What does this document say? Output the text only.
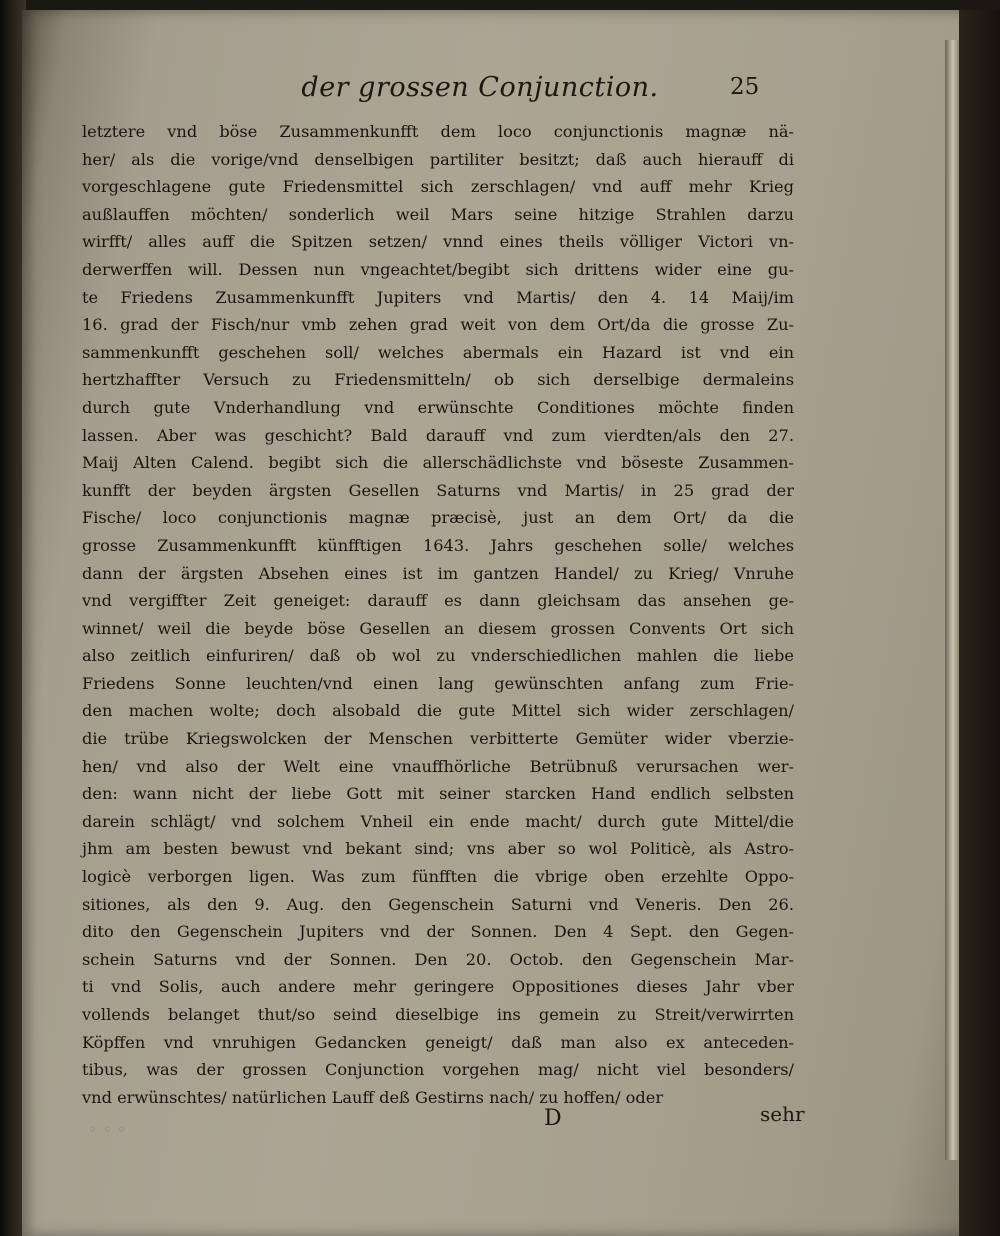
der grossen Conjunction.	25
letztere vnd böse Zusammenkunfft dem loco conjunctionis magnæ nä-
her/ als die vorige/vnd denselbigen partiliter besitzt; daß auch hierauff di
vorgeschlagene gute Friedensmittel sich zerschlagen/ vnd auff mehr Krieg
außlauffen möchten/ sonderlich weil Mars seine hitzige Strahlen darzu
wirfft/ alles auff die Spitzen setzen/ vnnd eines theils völliger Victori vn-
derwerffen will. Dessen nun vngeachtet/begibt sich drittens wider eine gu-
te Friedens Zusammenkunfft Jupiters vnd Martis/ den 4. 14 Maij/im
16. grad der Fisch/nur vmb zehen grad weit von dem Ort/da die grosse Zu-
sammenkunfft geschehen soll/ welches abermals ein Hazard ist vnd ein
hertzhaffter Versuch zu Friedensmitteln/ ob sich derselbige dermaleins
durch gute Vnderhandlung vnd erwünschte Conditiones möchte finden
lassen. Aber was geschicht? Bald darauff vnd zum vierdten/als den 27.
Maij Alten Calend. begibt sich die allerschädlichste vnd böseste Zusammen-
kunfft der beyden ärgsten Gesellen Saturns vnd Martis/ in 25 grad der
Fische/ loco conjunctionis magnæ præcisè, just an dem Ort/ da die
grosse Zusammenkunfft künfftigen 1643. Jahrs geschehen solle/ welches
dann der ärgsten Absehen eines ist im gantzen Handel/ zu Krieg/ Vnruhe
vnd vergiffter Zeit geneiget: darauff es dann gleichsam das ansehen ge-
winnet/ weil die beyde böse Gesellen an diesem grossen Convents Ort sich
also zeitlich einfuriren/ daß ob wol zu vnderschiedlichen mahlen die liebe
Friedens Sonne leuchten/vnd einen lang gewünschten anfang zum Frie-
den machen wolte; doch alsobald die gute Mittel sich wider zerschlagen/
die trübe Kriegswolcken der Menschen verbitterte Gemüter wider vberzie-
hen/ vnd also der Welt eine vnauffhörliche Betrübnuß verursachen wer-
den: wann nicht der liebe Gott mit seiner starcken Hand endlich selbsten
darein schlägt/ vnd solchem Vnheil ein ende macht/ durch gute Mittel/die
jhm am besten bewust vnd bekant sind; vns aber so wol Politicè, als Astro-
logicè verborgen ligen. Was zum fünfften die vbrige oben erzehlte Oppo-
sitiones, als den 9. Aug. den Gegenschein Saturni vnd Veneris. Den 26.
dito den Gegenschein Jupiters vnd der Sonnen. Den 4 Sept. den Gegen-
schein Saturns vnd der Sonnen. Den 20. Octob. den Gegenschein Mar-
ti vnd Solis, auch andere mehr geringere Oppositiones dieses Jahr vber
vollends belanget thut/so seind dieselbige ins gemein zu Streit/verwirrten
Köpffen vnd vnruhigen Gedancken geneigt/ daß man also ex anteceden-
tibus, was der grossen Conjunction vorgehen mag/ nicht viel besonders/
vnd erwünschtes/ natürlichen Lauff deß Gestirns nach/ zu hoffen/ oder
◦ ◦ ◦	D	sehr
